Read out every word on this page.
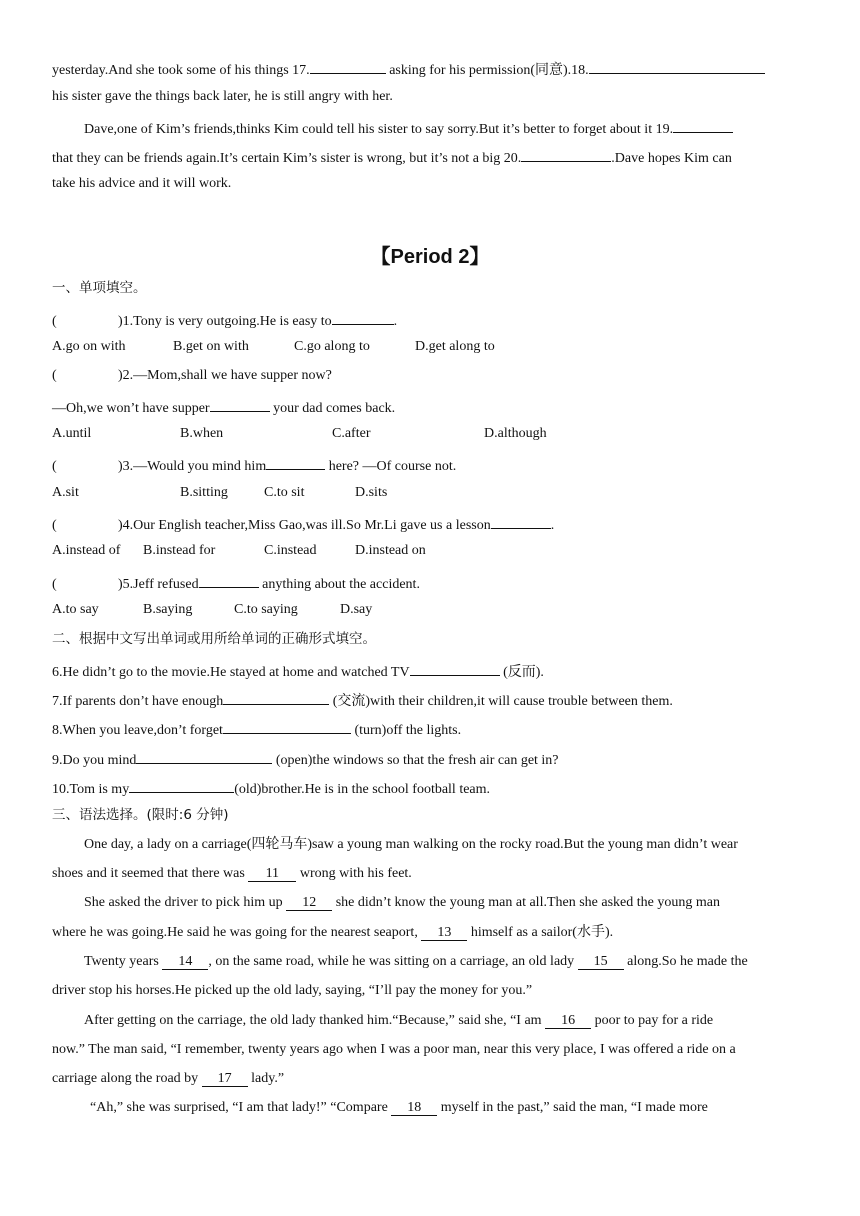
yesterday.And she took some of his things 17.	asking for his permission(同意).18.
his sister gave the things back later, he is still angry with her.
Dave,one of Kim’s friends,thinks Kim could tell his sister to say sorry.But it’s better to forget about it 19.
that they can be friends again.It’s certain Kim’s sister is wrong, but it’s not a big 20.	.Dave hopes Kim can
take his advice and it will work.
【Period 2】
一、单项填空。
(	)1.Tony is very outgoing.He is easy to	.
A.go on with	B.get on with	C.go along to	D.get along to
(	)2.—Mom,shall we have supper now?
—Oh,we won’t have supper	your dad comes back.
A.until	B.when	C.after	D.although
(	)3.—Would you mind him	here? —Of course not.
A.sit	B.sitting	C.to sit	D.sits
(	)4.Our English teacher,Miss Gao,was ill.So Mr.Li gave us a lesson	.
A.instead of B.instead for	C.instead	D.instead on
(	)5.Jeff refused	anything about the accident.
A.to say	B.saying	C.to saying	D.say
二、根据中文写出单词或用所给单词的正确形式填空。
6.He didn’t go to the movie.He stayed at home and watched TV	(反而).
7.If parents don’t have enough	(交流)with their children,it will cause trouble between them.
8.When you leave,don’t forget	(turn)off the lights.
9.Do you mind	(open)the windows so that the fresh air can get in?
10.Tom is my	(old)brother.He is in the school football team.
三、语法选择。(限时:6 分钟)
One day, a lady on a carriage(四轮马车)saw a young man walking on the rocky road.But the young man didn’t wear
shoes and it seemed that there was 11 wrong with his feet.
She asked the driver to pick him up 12 she didn’t know the young man at all.Then she asked the young man
where he was going.He said he was going for the nearest seaport, 13 himself as a sailor(水手).
Twenty years 14 , on the same road, while he was sitting on a carriage, an old lady 15 along.So he made the
driver stop his horses.He picked up the old lady, saying, “I’ll pay the money for you.”
After getting on the carriage, the old lady thanked him.“Because,” said she, “I am 16 poor to pay for a ride
now.” The man said, “I remember, twenty years ago when I was a poor man, near this very place, I was offered a ride on a
carriage along the road by 17 lady.”
“Ah,” she was surprised, “I am that lady!” “Compare 18 myself in the past,” said the man, “I made more
